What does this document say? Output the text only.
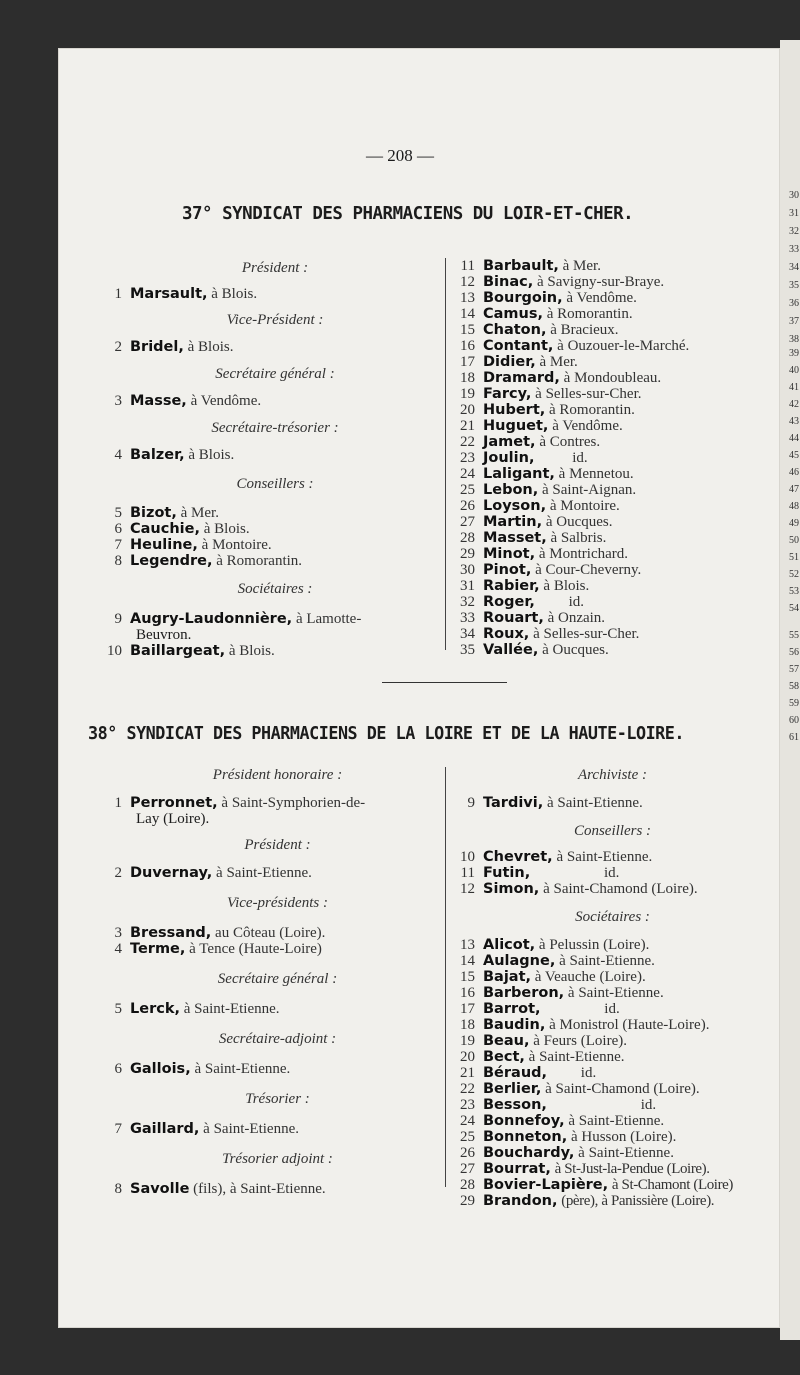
30
31
32
33
34
35
36
37
38
39
40
41
42
43
44
45
46
47
48
49
50
51
52
53
54
55
56
57
58
59
60
61
— 208 —
37° SYNDICAT DES PHARMACIENS DU LOIR-ET-CHER.
Président :
1 Marsault, à Blois.
Vice-Président :
2 Bridel, à Blois.
Secrétaire général :
3 Masse, à Vendôme.
Secrétaire-trésorier :
4 Balzer, à Blois.
Conseillers :
5 Bizot, à Mer.
6 Cauchie, à Blois.
7 Heuline, à Montoire.
8 Legendre, à Romorantin.
Sociétaires :
9 Augry-Laudonnière, à Lamotte-
Beuvron.
10 Baillargeat, à Blois.
11 Barbault, à Mer.
12 Binac, à Savigny-sur-Braye.
13 Bourgoin, à Vendôme.
14 Camus, à Romorantin.
15 Chaton, à Bracieux.
16 Contant, à Ouzouer-le-Marché.
17 Didier, à Mer.
18 Dramard, à Mondoubleau.
19 Farcy, à Selles-sur-Cher.
20 Hubert, à Romorantin.
21 Huguet, à Vendôme.
22 Jamet, à Contres.
23 Joulin,	id.
24 Laligant, à Mennetou.
25 Lebon, à Saint-Aignan.
26 Loyson, à Montoire.
27 Martin, à Oucques.
28 Masset, à Salbris.
29 Minot, à Montrichard.
30 Pinot, à Cour-Cheverny.
31 Rabier, à Blois.
32 Roger, id.
33 Rouart, à Onzain.
34 Roux, à Selles-sur-Cher.
35 Vallée, à Oucques.
38° SYNDICAT DES PHARMACIENS DE LA LOIRE ET DE LA HAUTE-LOIRE.
Président honoraire :
1 Perronnet, à Saint-Symphorien-de-
Lay (Loire).
Président :
2 Duvernay, à Saint-Etienne.
Vice-présidents :
3 Bressand, au Côteau (Loire).
4 Terme, à Tence (Haute-Loire)
Secrétaire général :
5 Lerck, à Saint-Etienne.
Secrétaire-adjoint :
6 Gallois, à Saint-Etienne.
Trésorier :
7 Gaillard, à Saint-Etienne.
Trésorier adjoint :
8 Savolle (fils), à Saint-Etienne.
Archiviste :
9 Tardivi, à Saint-Etienne.
Conseillers :
10 Chevret, à Saint-Etienne.
11 Futin,	id.
12 Simon, à Saint-Chamond (Loire).
Sociétaires :
13 Alicot, à Pelussin (Loire).
14 Aulagne, à Saint-Etienne.
15 Bajat, à Veauche (Loire).
16 Barberon, à Saint-Etienne.
17 Barrot,	id.
18 Baudin, à Monistrol (Haute-Loire).
19 Beau, à Feurs (Loire).
20 Bect, à Saint-Etienne.
21 Béraud, id.
22 Berlier, à Saint-Chamond (Loire).
23 Besson,	id.
24 Bonnefoy, à Saint-Etienne.
25 Bonneton, à Husson (Loire).
26 Bouchardy, à Saint-Etienne.
27 Bourrat, à St-Just-la-Pendue (Loire).
28 Bovier-Lapière, à St-Chamont (Loire)
29 Brandon, (père), à Panissière (Loire).
